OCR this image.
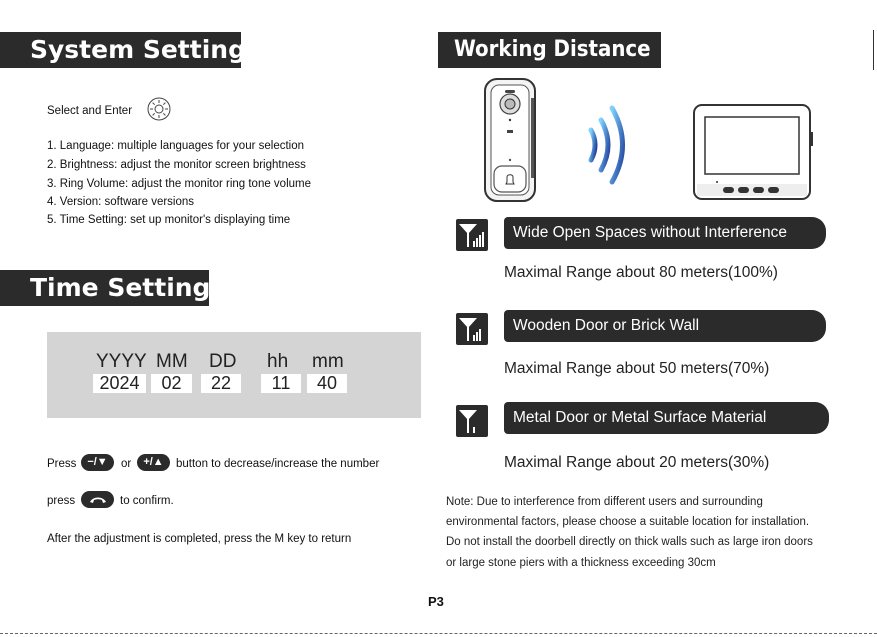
System Setting
Select and Enter
1. Language: multiple languages for your selection
2. Brightness: adjust the monitor screen brightness
3. Ring Volume: adjust the monitor ring tone volume
4. Version: software versions
5. Time Setting: set up monitor's displaying time
Time Setting
YYYY MM DD hh mm
2024	02	22	11	40
Press −/▼	or	+/▲	button to decrease/increase the number
press	to confirm.
After the adjustment is completed, press the M key to return
Working Distance
Wide Open Spaces without Interference
Maximal Range about 80 meters(100%)
Wooden Door or Brick Wall
Maximal Range about 50 meters(70%)
Metal Door or Metal Surface Material
Maximal Range about 20 meters(30%)
Note: Due to interference from different users and surrounding
environmental factors, please choose a suitable location for installation.
Do not install the doorbell directly on thick walls such as large iron doors
or large stone piers with a thickness exceeding 30cm
P3
